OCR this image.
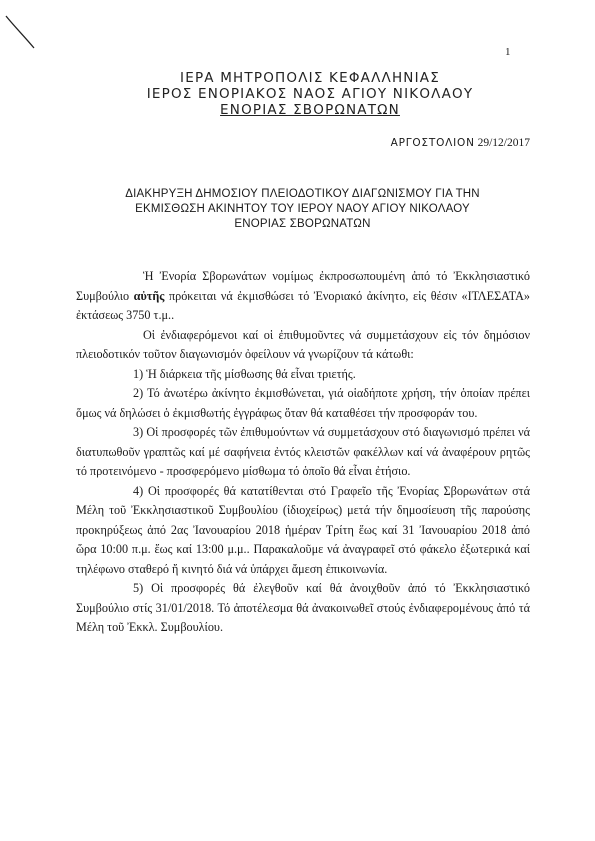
1
ΙΕΡΑ ΜΗΤΡΟΠΟΛΙΣ ΚΕΦΑΛΛΗΝΙΑΣ
ΙΕΡΟΣ ΕΝΟΡΙΑΚΟΣ ΝΑΟΣ ΑΓΙΟΥ ΝΙΚΟΛΑΟΥ
ΕΝΟΡΙΑΣ ΣΒΟΡΩΝΑΤΩΝ
ΑΡΓΟΣΤΟΛΙΟΝ 29/12/2017
ΔΙΑΚΗΡΥΞΗ ΔΗΜΟΣΙΟΥ ΠΛΕΙΟΔΟΤΙΚΟΥ ΔΙΑΓΩΝΙΣΜΟΥ ΓΙΑ ΤΗΝ
ΕΚΜΙΣΘΩΣΗ ΑΚΙΝΗΤΟΥ ΤΟΥ ΙΕΡΟΥ ΝΑΟΥ ΑΓΙΟΥ ΝΙΚΟΛΑΟΥ
ΕΝΟΡΙΑΣ ΣΒΟΡΩΝΑΤΩΝ

Ἡ Ἐνορία Σβορωνάτων νομίμως ἐκπροσωπουμένη ἀπό τό Ἐκκλησιαστικό Συμβούλιο αὐτῆς πρόκειται νά ἐκμισθώσει τό Ἐνοριακό ἀκίνητο, εἰς θέσιν «ΙΤΛΕΣΑΤΑ» ἐκτάσεως 3750 τ.μ..

Οἱ ἐνδιαφερόμενοι καί οἱ ἐπιθυμοῦντες νά συμμετάσχουν εἰς τόν δημόσιον πλειοδοτικόν τοῦτον διαγωνισμόν ὀφείλουν νά γνωρίζουν τά κάτωθι:

1) Ἡ διάρκεια τῆς μίσθωσης θά εἶναι τριετής.

2) Τό ἀνωτέρω ἀκίνητο ἐκμισθώνεται, γιά οἱαδήποτε χρήση, τήν ὁποίαν πρέπει ὅμως νά δηλώσει ὁ ἐκμισθωτής ἐγγράφως ὅταν θά καταθέσει τήν προσφοράν του.

3) Οἱ προσφορές τῶν ἐπιθυμούντων νά συμμετάσχουν στό διαγωνισμό πρέπει νά διατυπωθοῦν γραπτῶς καί μέ σαφήνεια ἐντός κλειστῶν φακέλλων καί νά ἀναφέρουν ρητῶς τό προτεινόμενο - προσφερόμενο μίσθωμα τό ὁποῖο θά εἶναι ἐτήσιο.

4) Οἱ προσφορές θά κατατίθενται στό Γραφεῖο τῆς Ἐνορίας Σβορωνάτων στά Μέλη τοῦ Ἐκκλησιαστικοῦ Συμβουλίου (ἰδιοχείρως) μετά τήν δημοσίευση τῆς παρούσης προκηρύξεως ἀπό 2ας Ἰανουαρίου 2018 ἡμέραν Τρίτη ἕως καί 31 Ἰανουαρίου 2018 ἀπό ὥρα 10:00 π.μ. ἕως καί 13:00 μ.μ.. Παρακαλοῦμε νά ἀναγραφεῖ στό φάκελο ἐξωτερικά καί τηλέφωνο σταθερό ἤ κινητό διά νά ὑπάρχει ἄμεση ἐπικοινωνία.

5) Οἱ προσφορές θά ἐλεγθοῦν καί θά ἀνοιχθοῦν ἀπό τό Ἐκκλησιαστικό Συμβούλιο στίς 31/01/2018. Τό ἀποτέλεσμα θά ἀνακοινωθεῖ στούς ἐνδιαφερομένους ἀπό τά Μέλη τοῦ Ἐκκλ. Συμβουλίου.
